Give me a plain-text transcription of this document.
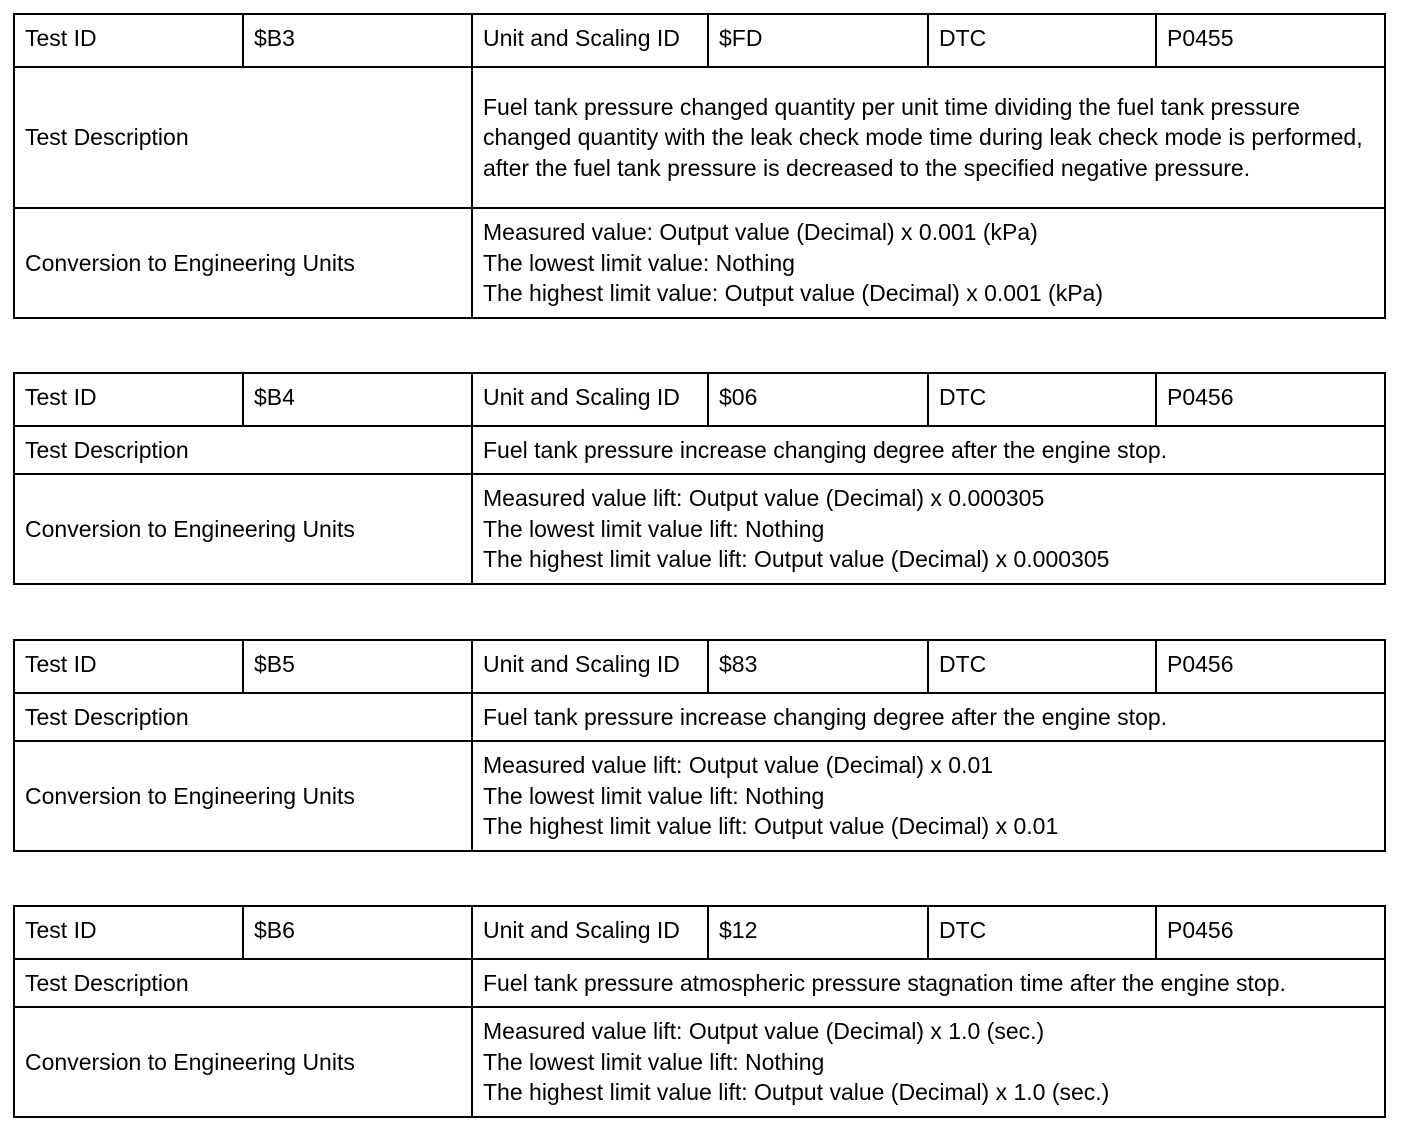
Test ID	$B3	Unit and Scaling ID	$FD	DTC	P0455
Test Description		Fuel tank pressure changed quantity per unit time dividing the fuel tank pressure changed quantity with the leak check mode time during leak check mode is performed, after the fuel tank pressure is decreased to the specified negative pressure.			
Conversion to Engineering Units		Measured value: Output value (Decimal) x 0.001 (kPa)
The lowest limit value: Nothing
The highest limit value: Output value (Decimal) x 0.001 (kPa)			
Test ID	$B4	Unit and Scaling ID	$06	DTC	P0456
Test Description		Fuel tank pressure increase changing degree after the engine stop.			
Conversion to Engineering Units		Measured value lift: Output value (Decimal) x 0.000305
The lowest limit value lift: Nothing
The highest limit value lift: Output value (Decimal) x 0.000305			
Test ID	$B5	Unit and Scaling ID	$83	DTC	P0456
Test Description		Fuel tank pressure increase changing degree after the engine stop.			
Conversion to Engineering Units		Measured value lift: Output value (Decimal) x 0.01
The lowest limit value lift: Nothing
The highest limit value lift: Output value (Decimal) x 0.01			
Test ID	$B6	Unit and Scaling ID	$12	DTC	P0456
Test Description		Fuel tank pressure atmospheric pressure stagnation time after the engine stop.			
Conversion to Engineering Units		Measured value lift: Output value (Decimal) x 1.0 (sec.)
The lowest limit value lift: Nothing
The highest limit value lift: Output value (Decimal) x 1.0 (sec.)			
